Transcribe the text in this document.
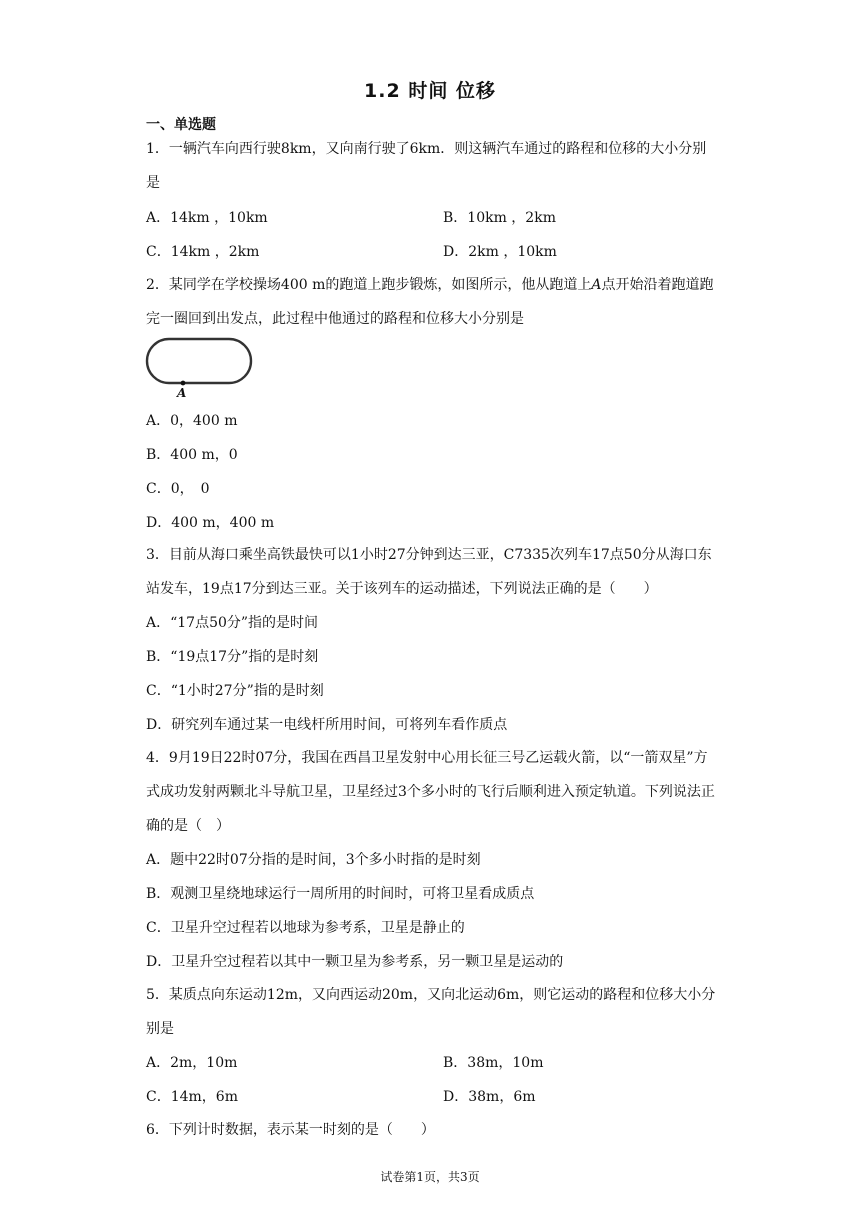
1.2 时间 位移
一、单选题
1．一辆汽车向西行驶8km，又向南行驶了6km．则这辆汽车通过的路程和位移的大小分别是
A．14km ，10km	B．10km ，2km
C．14km ，2km	D．2km ，10km
2．某同学在学校操场400 m的跑道上跑步锻炼，如图所示，他从跑道上A点开始沿着跑道跑完一圈回到出发点，此过程中他通过的路程和位移大小分别是
A
A．0，400 m
B．400 m，0
C．0，　0
D．400 m，400 m
3．目前从海口乘坐高铁最快可以1小时27分钟到达三亚，C7335次列车17点50分从海口东站发车，19点17分到达三亚。关于该列车的运动描述，下列说法正确的是（　　）
A．“17点50分”指的是时间
B．“19点17分”指的是时刻
C．“1小时27分”指的是时刻
D．研究列车通过某一电线杆所用时间，可将列车看作质点
4．9月19日22时07分，我国在西昌卫星发射中心用长征三号乙运载火箭，以“一箭双星”方式成功发射两颗北斗导航卫星，卫星经过3个多小时的飞行后顺利进入预定轨道。下列说法正确的是（　）
A．题中22时07分指的是时间，3个多小时指的是时刻
B．观测卫星绕地球运行一周所用的时间时，可将卫星看成质点
C．卫星升空过程若以地球为参考系，卫星是静止的
D．卫星升空过程若以其中一颗卫星为参考系，另一颗卫星是运动的
5．某质点向东运动12m，又向西运动20m，又向北运动6m，则它运动的路程和位移大小分别是
A．2m，10m	B．38m，10m
C．14m，6m	D．38m，6m
6．下列计时数据，表示某一时刻的是（　　）
试卷第1页，共3页
